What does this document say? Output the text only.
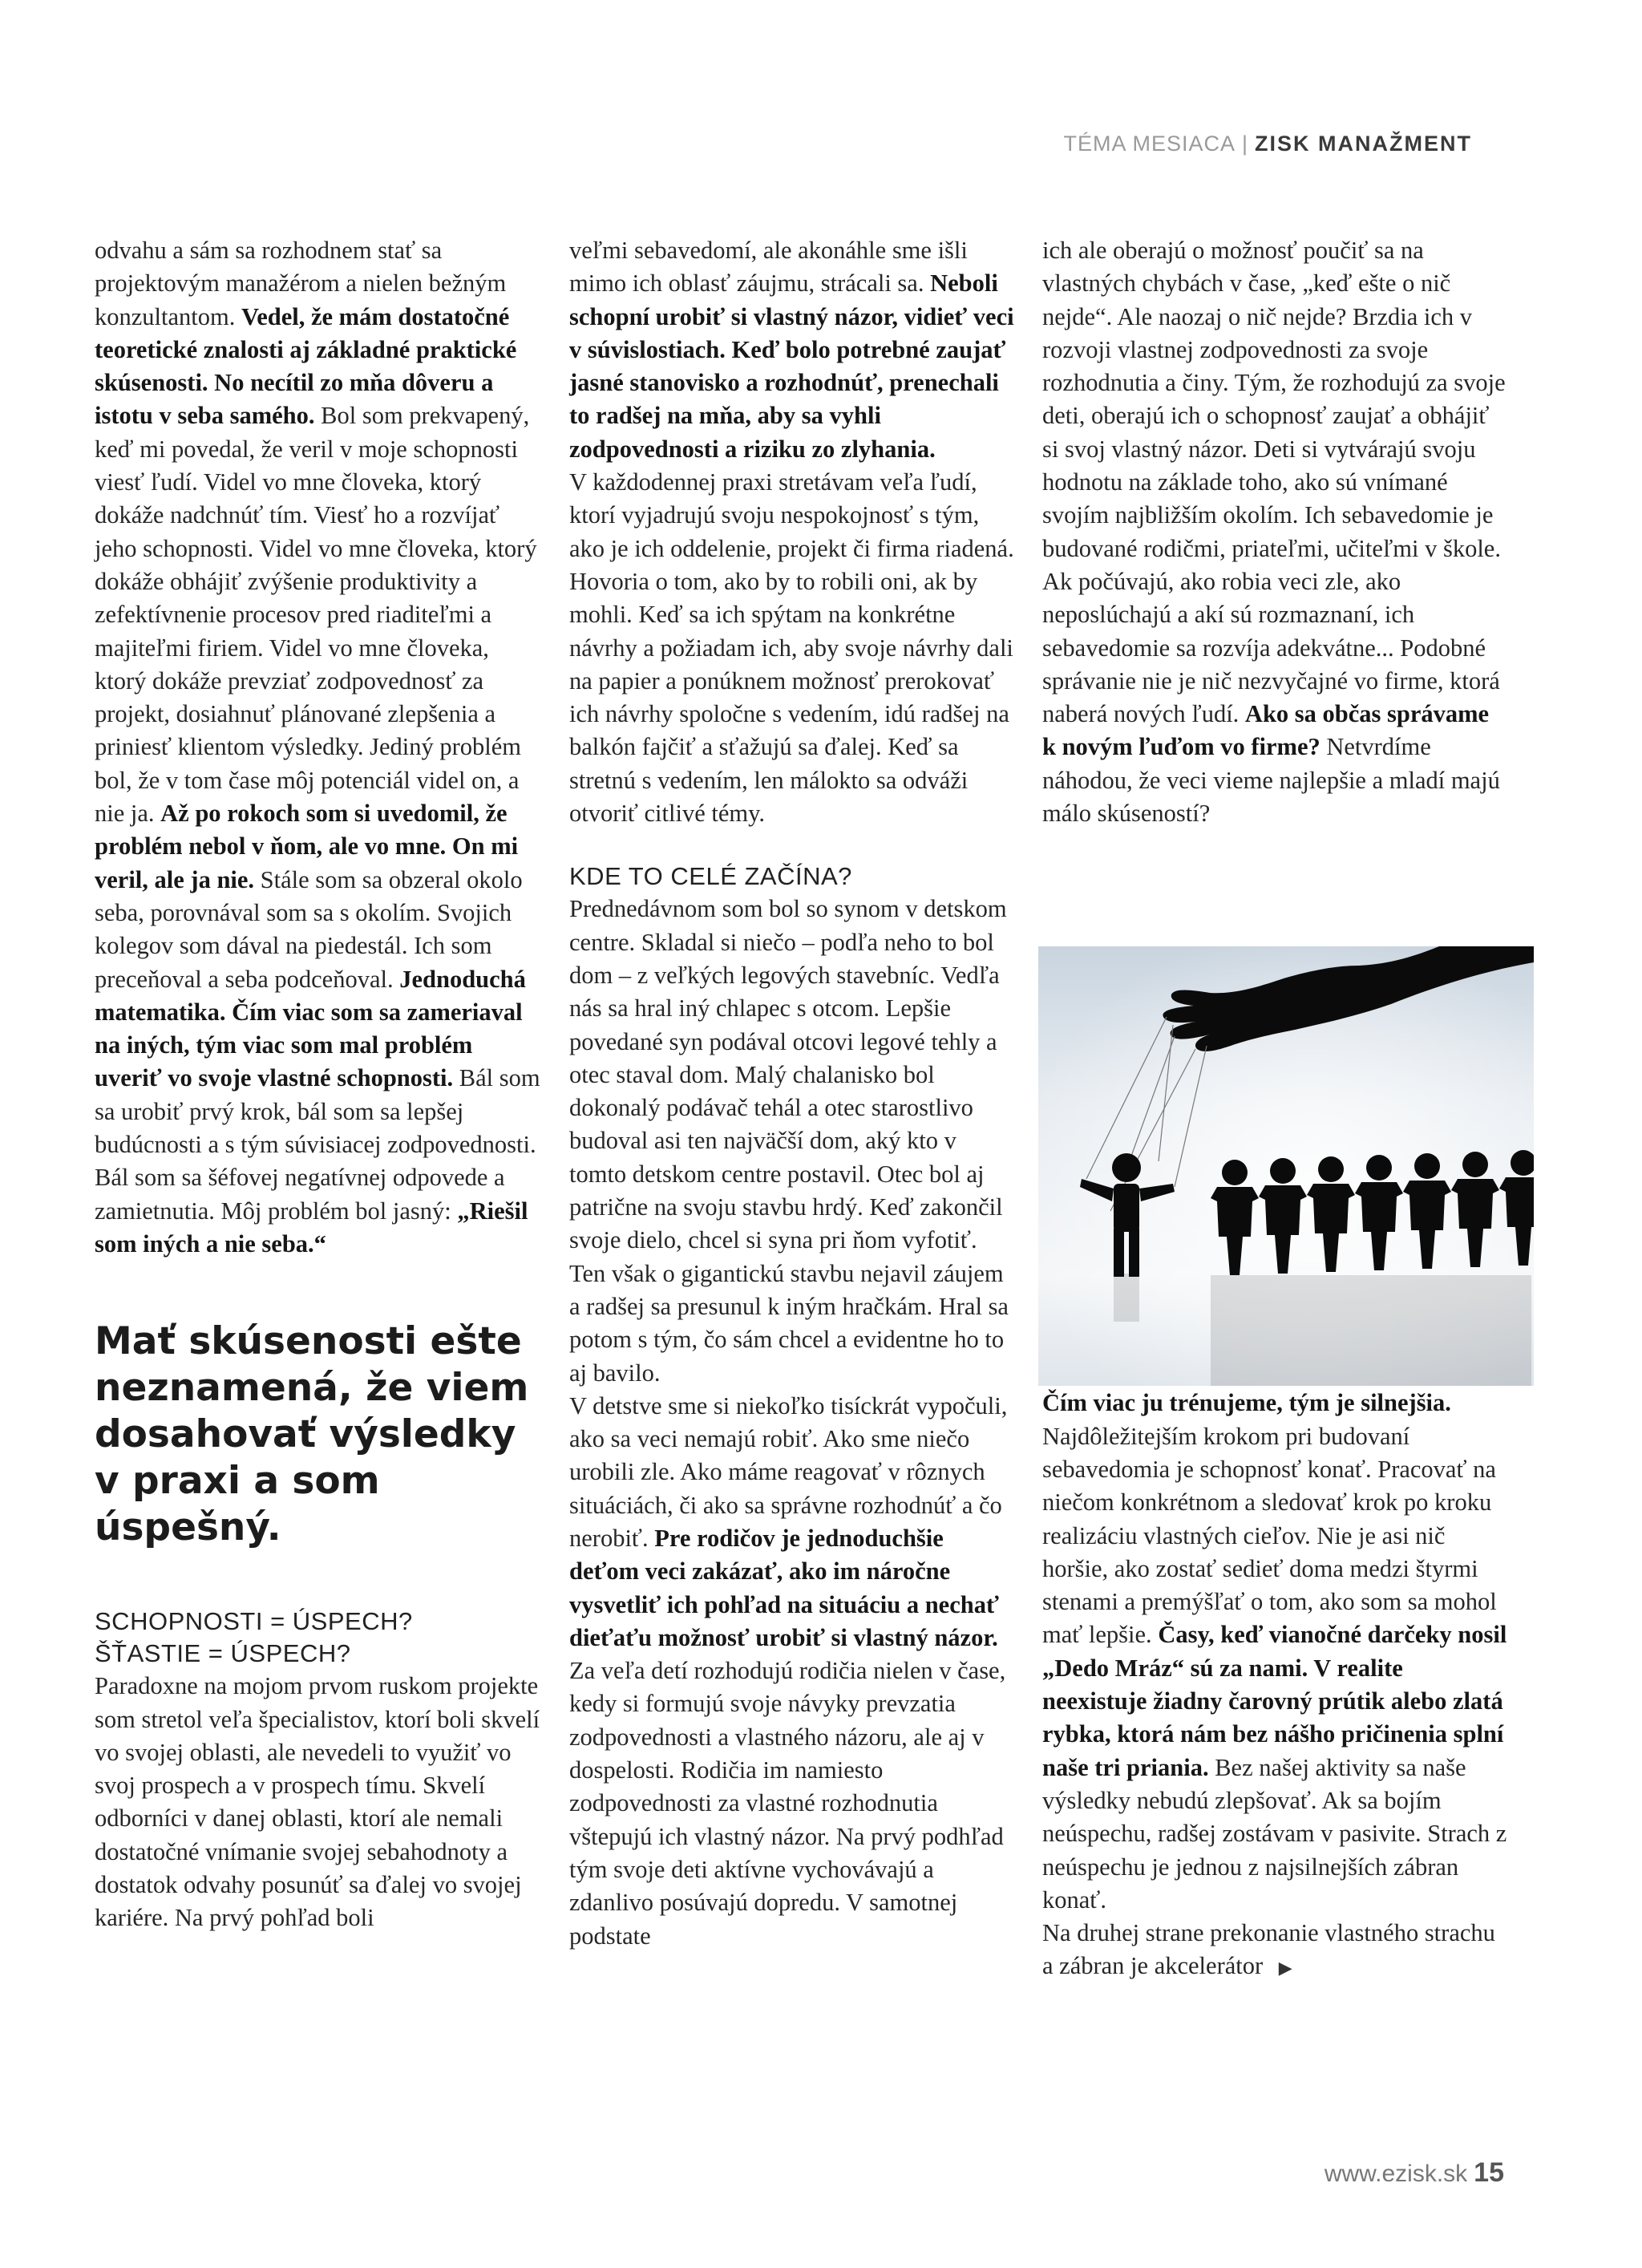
TÉMA MESIACA | ZISK MANAŽMENT

odvahu a sám sa rozhodnem stať sa projektovým manažérom a nielen bežným konzultantom. Vedel, že mám dostatočné teoretické znalosti aj základné praktické skúsenosti. No necítil zo mňa dôveru a istotu v seba samého. Bol som prekvapený, keď mi povedal, že veril v moje schopnosti viesť ľudí. Videl vo mne človeka, ktorý dokáže nadchnúť tím. Viesť ho a rozvíjať jeho schopnosti. Videl vo mne človeka, ktorý dokáže obhájiť zvýšenie produktivity a zefektívnenie procesov pred riaditeľmi a majiteľmi firiem. Videl vo mne človeka, ktorý dokáže prevziať zodpovednosť za projekt, dosiahnuť plánované zlepšenia a priniesť klientom výsledky. Jediný problém bol, že v tom čase môj potenciál videl on, a nie ja. Až po rokoch som si uvedomil, že problém nebol v ňom, ale vo mne. On mi veril, ale ja nie. Stále som sa obzeral okolo seba, porovnával som sa s okolím. Svojich kolegov som dával na piedestál. Ich som preceňoval a seba podceňoval. Jednoduchá matematika. Čím viac som sa zameriaval na iných, tým viac som mal problém uveriť vo svoje vlastné schopnosti. Bál som sa urobiť prvý krok, bál som sa lepšej budúcnosti a s tým súvisiacej zodpovednosti. Bál som sa šéfovej negatívnej odpovede a zamietnutia. Môj problém bol jasný: „Riešil som iných a nie seba.“

Mať skúsenosti ešte neznamená, že viem dosahovať výsledky v praxi a som úspešný.

SCHOPNOSTI = ÚSPECH?

ŠŤASTIE = ÚSPECH?

Paradoxne na mojom prvom ruskom projekte som stretol veľa špecialistov, ktorí boli skvelí vo svojej oblasti, ale nevedeli to využiť vo svoj prospech a v prospech tímu. Skvelí odborníci v danej oblasti, ktorí ale nemali dostatočné vnímanie svojej sebahodnoty a dostatok odvahy posunúť sa ďalej vo svojej kariére. Na prvý pohľad boli

veľmi sebavedomí, ale akonáhle sme išli mimo ich oblasť záujmu, strácali sa. Neboli schopní urobiť si vlastný názor, vidieť veci v súvislostiach. Keď bolo potrebné zaujať jasné stanovisko a rozhodnúť, prenechali to radšej na mňa, aby sa vyhli zodpovednosti a riziku zo zlyhania.

V každodennej praxi stretávam veľa ľudí, ktorí vyjadrujú svoju nespokojnosť s tým, ako je ich oddelenie, projekt či firma riadená. Hovoria o tom, ako by to robili oni, ak by mohli. Keď sa ich spýtam na konkrétne návrhy a požiadam ich, aby svoje návrhy dali na papier a ponúknem možnosť prerokovať ich návrhy spoločne s vedením, idú radšej na balkón fajčiť a sťažujú sa ďalej. Keď sa stretnú s vedením, len málokto sa odváži otvoriť citlivé témy.

KDE TO CELÉ ZAČÍNA?

Prednedávnom som bol so synom v detskom centre. Skladal si niečo – podľa neho to bol dom – z veľkých legových stavebníc. Vedľa nás sa hral iný chlapec s otcom. Lepšie povedané syn podával otcovi legové tehly a otec staval dom. Malý chalanisko bol dokonalý podávač tehál a otec starostlivo budoval asi ten najväčší dom, aký kto v tomto detskom centre postavil. Otec bol aj patrične na svoju stavbu hrdý. Keď zakončil svoje dielo, chcel si syna pri ňom vyfotiť. Ten však o gigantickú stavbu nejavil záujem a radšej sa presunul k iným hračkám. Hral sa potom s tým, čo sám chcel a evidentne ho to aj bavilo.

V detstve sme si niekoľko tisíckrát vypočuli, ako sa veci nemajú robiť. Ako sme niečo urobili zle. Ako máme reagovať v rôznych situáciách, či ako sa správne rozhodnúť a čo nerobiť. Pre rodičov je jednoduchšie deťom veci zakázať, ako im náročne vysvetliť ich pohľad na situáciu a nechať dieťaťu možnosť urobiť si vlastný názor. Za veľa detí rozhodujú rodičia nielen v čase, kedy si formujú svoje návyky prevzatia zodpovednosti a vlastného názoru, ale aj v dospelosti. Rodičia im namiesto zodpovednosti za vlastné rozhodnutia vštepujú ich vlastný názor. Na prvý podhľad tým svoje deti aktívne vychovávajú a zdanlivo posúvajú dopredu. V samotnej podstate

ich ale oberajú o možnosť poučiť sa na vlastných chybách v čase, „keď ešte o nič nejde“. Ale naozaj o nič nejde? Brzdia ich v rozvoji vlastnej zodpovednosti za svoje rozhodnutia a činy. Tým, že rozhodujú za svoje deti, oberajú ich o schopnosť zaujať a obhájiť si svoj vlastný názor. Deti si vytvárajú svoju hodnotu na základe toho, ako sú vnímané svojím najbližším okolím. Ich sebavedomie je budované rodičmi, priateľmi, učiteľmi v škole. Ak počúvajú, ako robia veci zle, ako neposlúchajú a akí sú rozmaznaní, ich sebavedomie sa rozvíja adekvátne... Podobné správanie nie je nič nezvyčajné vo firme, ktorá naberá nových ľudí. Ako sa občas správame k novým ľuďom vo firme? Netvrdíme náhodou, že veci vieme najlepšie a mladí majú málo skúseností?

Čím viac ju trénujeme, tým je silnejšia. Najdôležitejším krokom pri budovaní sebavedomia je schopnosť konať. Pracovať na niečom konkrétnom a sledovať krok po kroku realizáciu vlastných cieľov. Nie je asi nič horšie, ako zostať sedieť doma medzi štyrmi stenami a premýšľať o tom, ako som sa mohol mať lepšie. Časy, keď vianočné darčeky nosil „Dedo Mráz“ sú za nami. V realite neexistuje žiadny čarovný prútik alebo zlatá rybka, ktorá nám bez nášho pričinenia splní naše tri priania. Bez našej aktivity sa naše výsledky nebudú zlepšovať. Ak sa bojím neúspechu, radšej zostávam v pasivite. Strach z neúspechu je jednou z najsilnejších zábran konať.

Na druhej strane prekonanie vlastného strachu a zábran je akcelerátor ▶

www.ezisk.sk 15
